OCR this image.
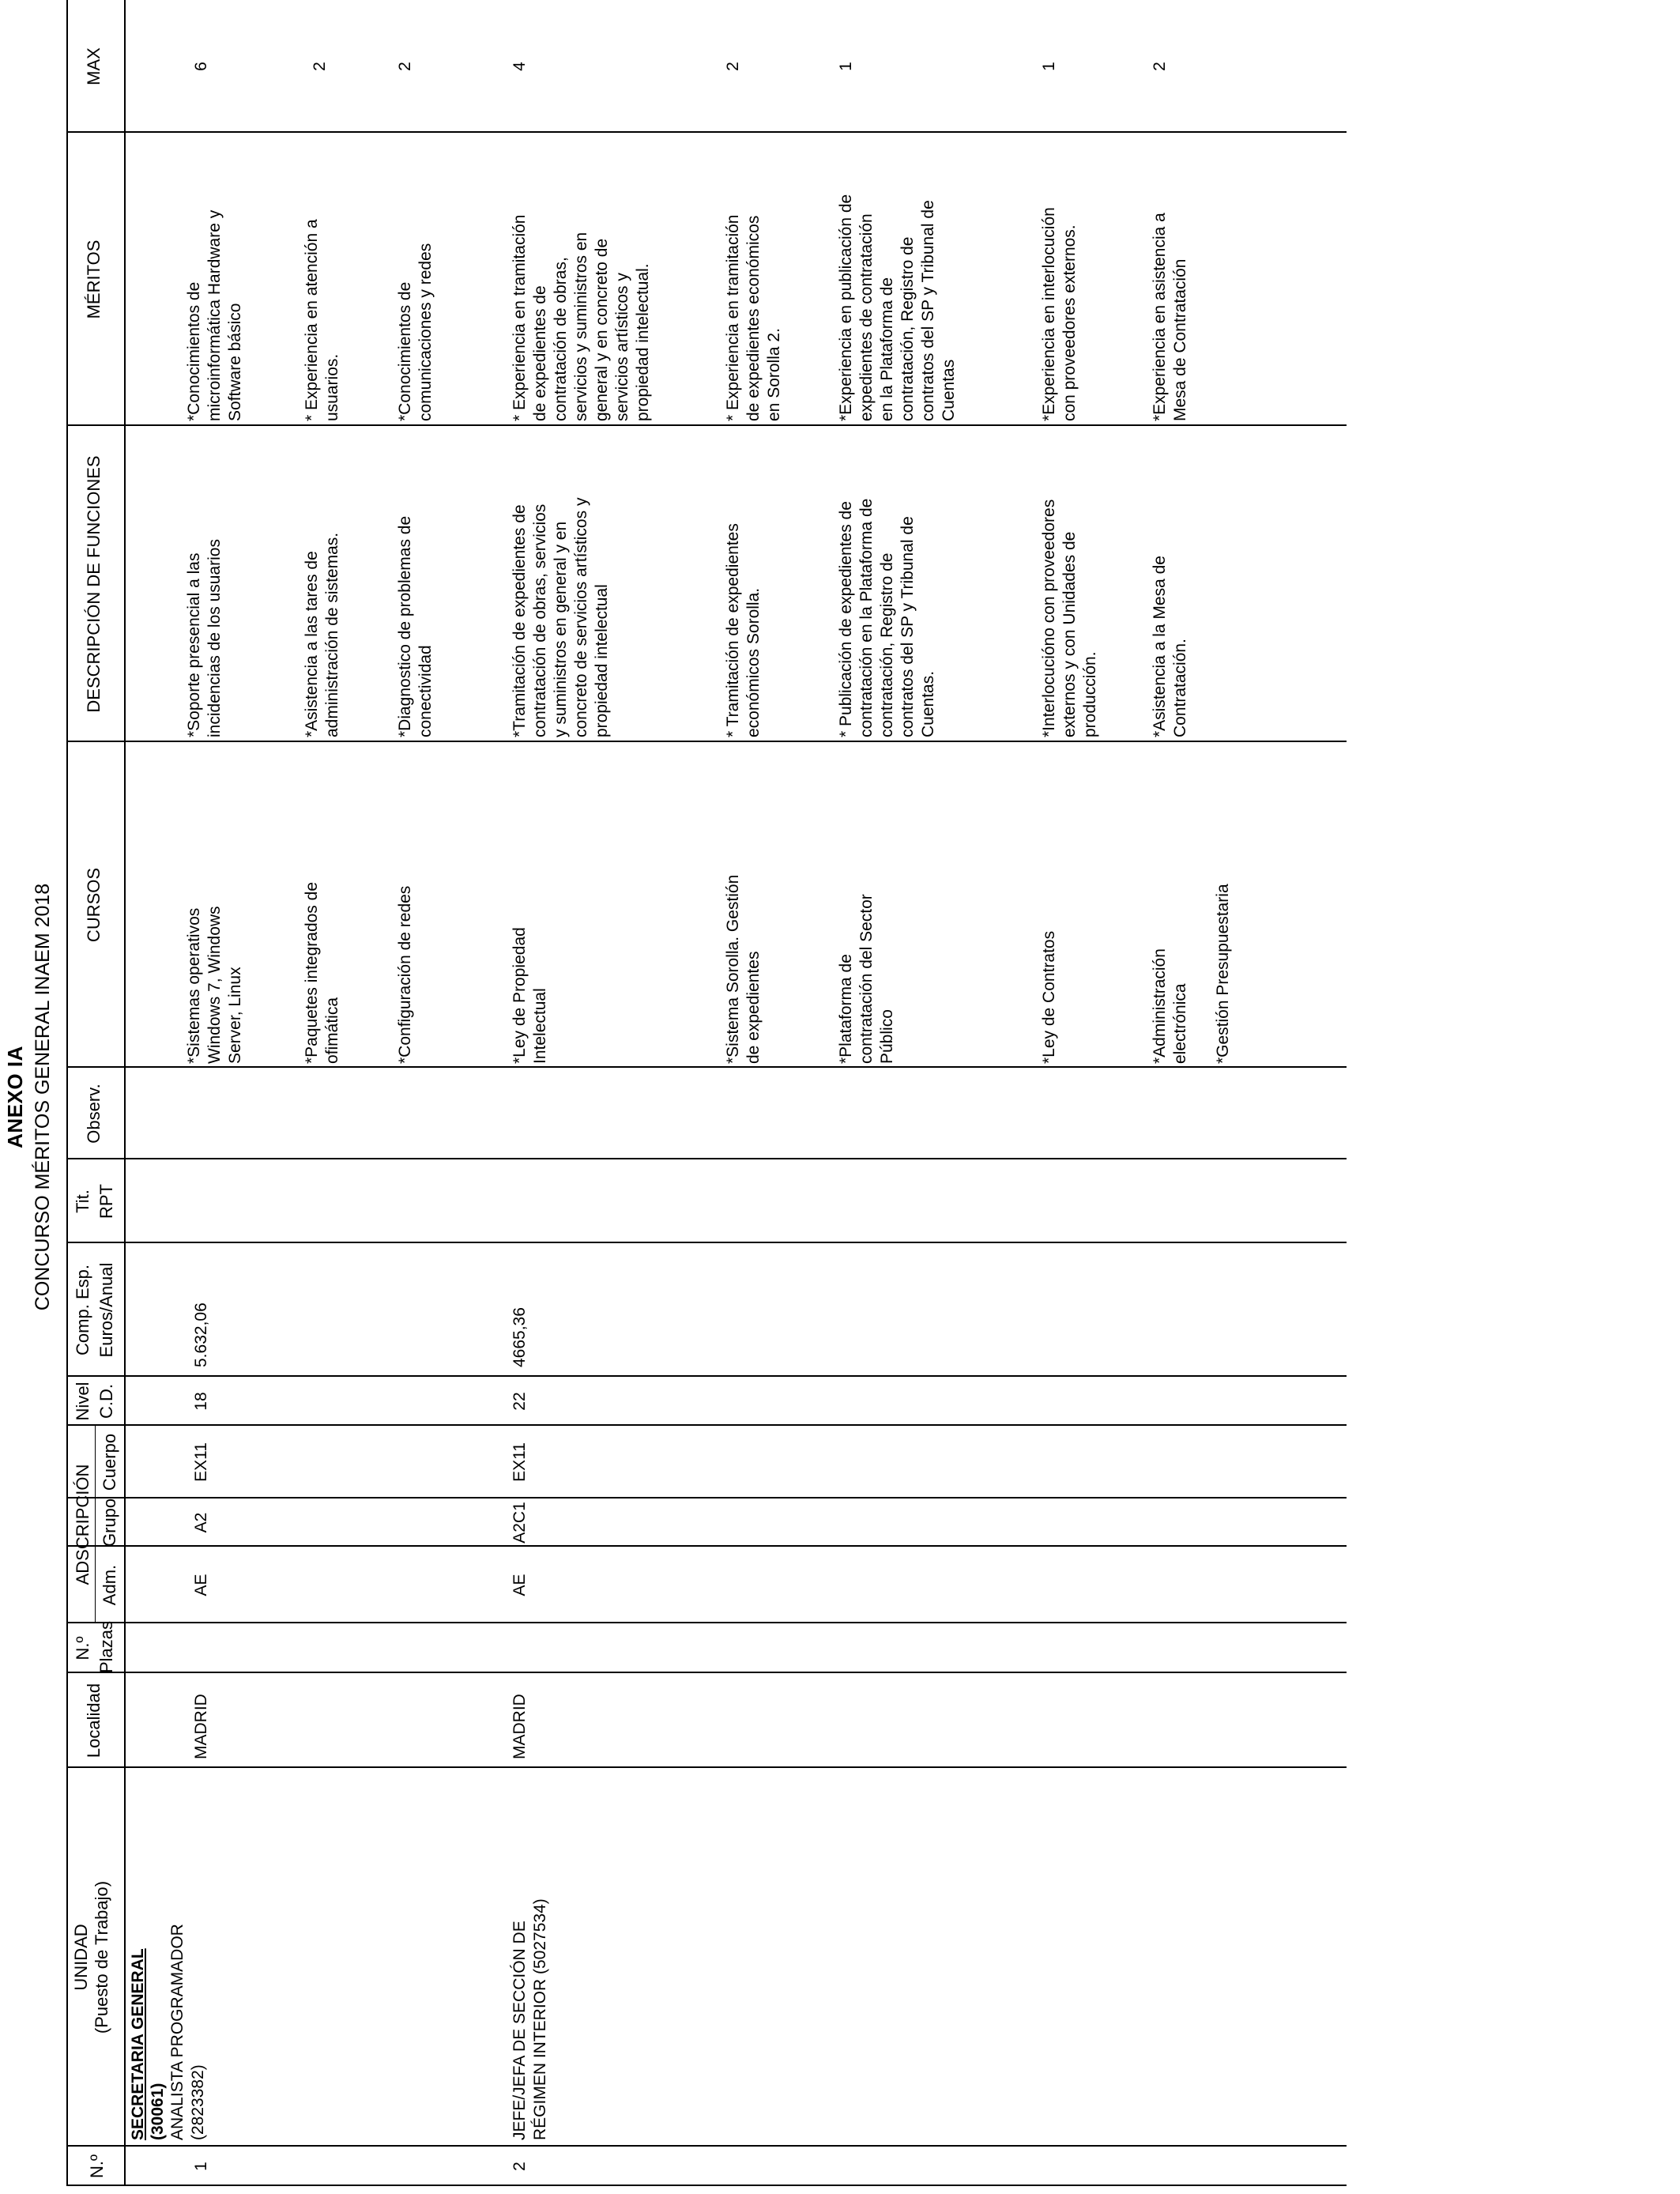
ANEXO IA CONCURSO MÉRITOS GENERAL INAEM 2018
N.º
UNIDAD (Puesto de Trabajo)
Localidad
N.º Plazas
ADSCRIPCIÓN
Adm.
Grupo
Cuerpo
Nivel C.D.
Comp. Esp. Euros/Anual
Tit. RPT
Observ.
CURSOS
DESCRIPCIÓN DE FUNCIONES
MÉRITOS
MAX
SECRETARIA GENERAL (30061)
1
ANALISTA PROGRAMADOR
(2823382)
MADRID
AE
A2
EX11
18
5.632,06
*Sistemas operativos
Windows 7, Windows
Server, Linux
*Soporte presencial a las
incidencias de los usuarios
*Conocimientos de
microinformática Hardware y
Software básico
6
*Paquetes integrados de
ofimática
*Asistencia a las tares de
administración de sistemas.
* Experiencia en atención a
usuarios.
2
*Configuración de redes
*Diagnostico de problemas de
conectividad
*Conocimientos de
comunicaciones y redes
2
2
JEFE/JEFA DE SECCIÓN DE
RÉGIMEN INTERIOR (5027534)
MADRID
AE
A2C1
EX11
22
4665,36
*Ley de Propiedad
Intelectual
*Tramitación de expedientes de
contratación de obras, servicios
y suministros en general y en
concreto de servicios artísticos y
propiedad intelectual
* Experiencia en tramitación
de expedientes de
contratación de obras,
servicios y suministros en
general y en concreto de
servicios artísticos y
propiedad intelectual.
4
*Sistema Sorolla. Gestión
de expedientes
* Tramitación de expedientes
económicos Sorolla.
* Experiencia en tramitación
de expedientes económicos
en Sorolla 2.
2
*Plataforma de
contratación del Sector
Público
* Publicación de expedientes de
contratación en la Plataforma de
contratación, Registro de
contratos del SP y Tribunal de
Cuentas.
*Experiencia en publicación de
expedientes de contratación
en la Plataforma de
contratación, Registro de
contratos del SP y Tribunal de
Cuentas
1
*Ley de Contratos
*Interlocucióno con proveedores
externos y con Unidades de
producción.
*Experiencia en interlocución
con proveedores externos.
1
*Administración
electrónica *Gestión Presupuestaria
*Asistencia a la Mesa de
Contratación.
*Experiencia en asistencia a
Mesa de Contratación
2
